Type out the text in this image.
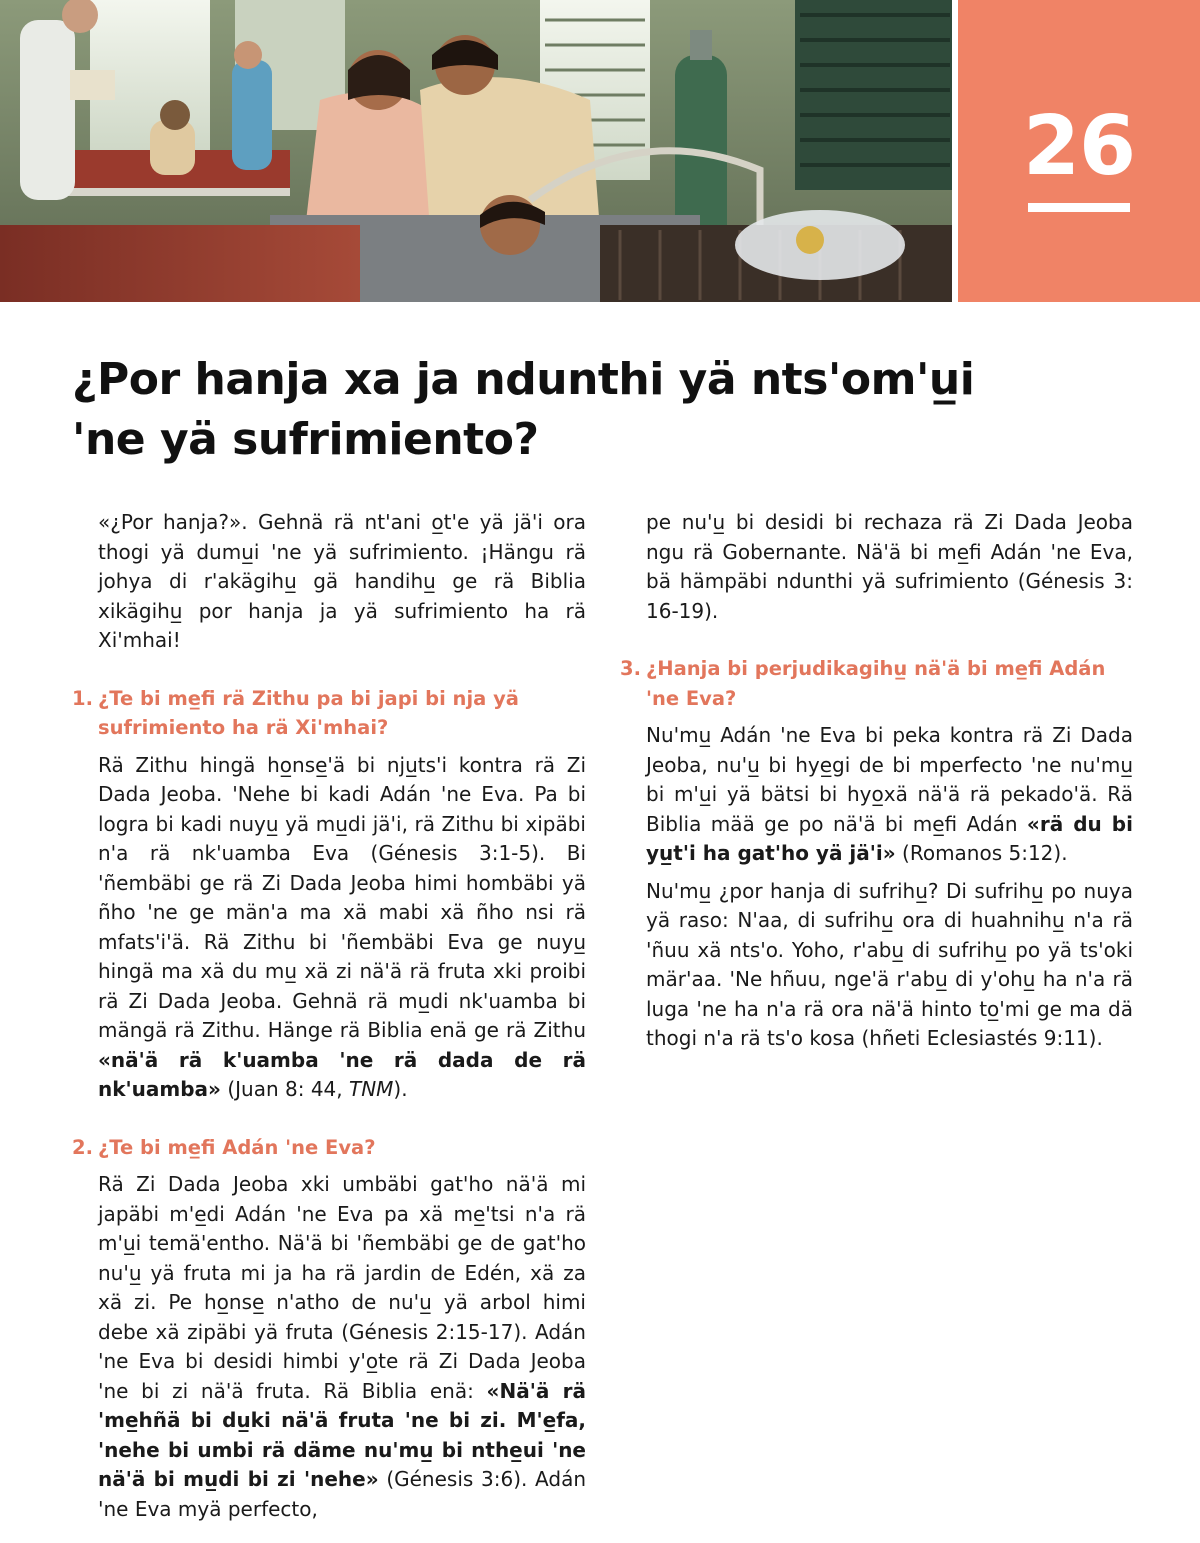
26
¿Por hanja xa ja ndunthi yä nts'om'u̲i
'ne yä sufrimiento?

«¿Por hanja?». Gehnä rä nt'ani o̲t'e yä jä'i ora thogi yä dumu̲i 'ne yä sufrimiento. ¡Hängu rä johya di r'akägihu̲ gä handihu̲ ge rä Biblia xikägihu̲ por hanja ja yä sufrimiento ha rä Xi'mhai!

1. ¿Te bi me̲fi rä Zithu pa bi japi bi nja yä sufrimiento ha rä Xi'mhai?

Rä Zithu hingä ho̲nse̲'ä bi nju̲ts'i kontra rä Zi Dada Jeoba. 'Nehe bi kadi Adán 'ne Eva. Pa bi logra bi kadi nuyu̲ yä mu̲di jä'i, rä Zithu bi xipäbi n'a rä nk'uamba Eva (Génesis 3:1-5). Bi 'ñembäbi ge rä Zi Dada Jeoba himi hombäbi yä ñho 'ne ge män'a ma xä mabi xä ñho nsi rä mfats'i'ä. Rä Zithu bi 'ñembäbi Eva ge nuyu̲ hingä ma xä du mu̲ xä zi nä'ä rä fruta xki proibi rä Zi Dada Jeoba. Gehnä rä mu̲di nk'uamba bi mängä rä Zithu. Hänge rä Biblia enä ge rä Zithu «nä'ä rä k'uamba 'ne rä dada de rä nk'uamba» (Juan 8: 44, TNM).

2. ¿Te bi me̲fi Adán 'ne Eva?

Rä Zi Dada Jeoba xki umbäbi gat'ho nä'ä mi japäbi m'e̲di Adán 'ne Eva pa xä me̲'tsi n'a rä m'u̲i temä'entho. Nä'ä bi 'ñembäbi ge de gat'ho nu'u̲ yä fruta mi ja ha rä jardin de Edén, xä za xä zi. Pe ho̲nse̲ n'atho de nu'u̲ yä arbol himi debe xä zipäbi yä fruta (Génesis 2:15-17). Adán 'ne Eva bi desidi himbi y'o̲te rä Zi Dada Jeoba 'ne bi zi nä'ä fruta. Rä Biblia enä: «Nä'ä rä 'me̲hñä bi du̲ki nä'ä fruta 'ne bi zi. M'e̲fa, 'nehe bi umbi rä däme nu'mu̲ bi nthe̲ui 'ne nä'ä bi mu̲di bi zi 'nehe» (Génesis 3:6). Adán 'ne Eva myä perfecto,

pe nu'u̲ bi desidi bi rechaza rä Zi Dada Jeoba ngu rä Gobernante. Nä'ä bi me̲fi Adán 'ne Eva, bä hämpäbi ndunthi yä sufrimiento (Génesis 3: 16-19).

3. ¿Hanja bi perjudikagihu̲ nä'ä bi me̲fi Adán 'ne Eva?

Nu'mu̲ Adán 'ne Eva bi peka kontra rä Zi Dada Jeoba, nu'u̲ bi hye̲gi de bi mperfecto 'ne nu'mu̲ bi m'u̲i yä bätsi bi hyo̲xä nä'ä rä pekado'ä. Rä Biblia mää ge po nä'ä bi me̲fi Adán «rä du bi yu̲t'i ha gat'ho yä jä'i» (Romanos 5:12).

Nu'mu̲ ¿por hanja di sufrihu̲? Di sufrihu̲ po nuya yä raso: N'aa, di sufrihu̲ ora di huahnihu̲ n'a rä 'ñuu xä nts'o. Yoho, r'abu̲ di sufrihu̲ po yä ts'oki mär'aa. 'Ne hñuu, nge'ä r'abu̲ di y'ohu̲ ha n'a rä luga 'ne ha n'a rä ora nä'ä hinto to̲'mi ge ma dä thogi n'a rä ts'o kosa (hñeti Eclesiastés 9:11).
